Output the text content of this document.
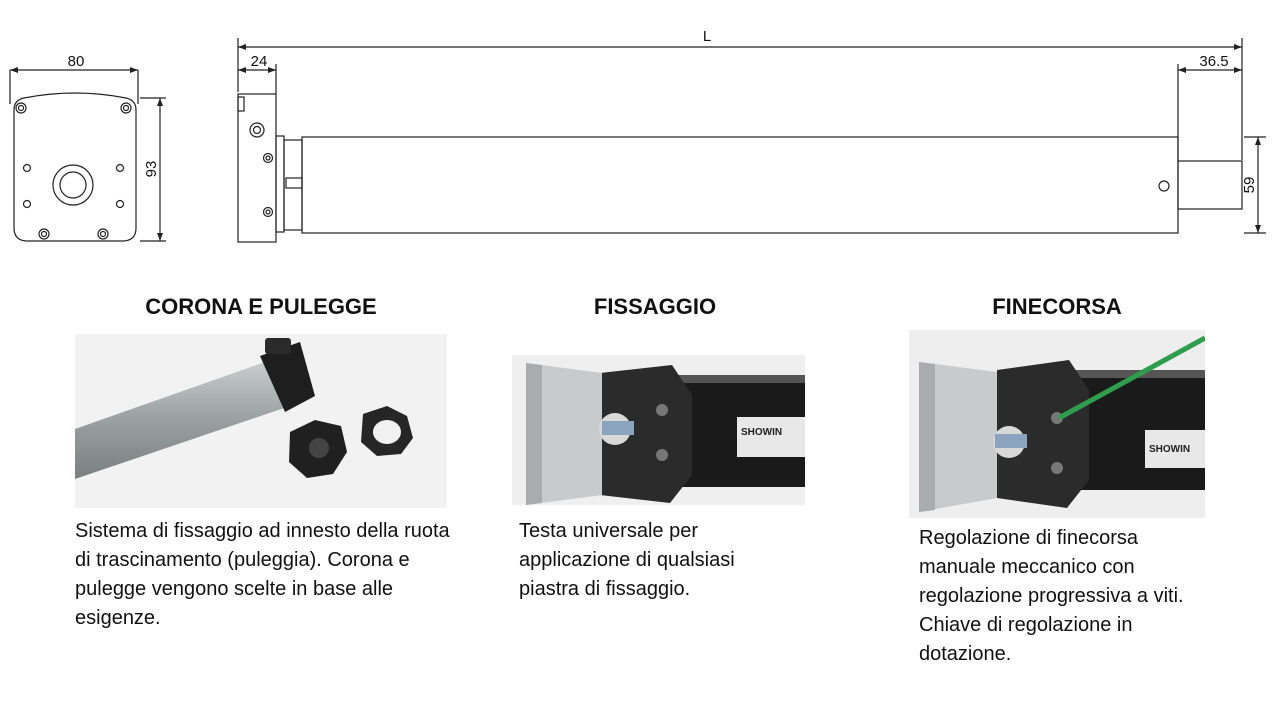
L
80
93
24	36.5
59
CORONA E PULEGGE
Sistema di fissaggio ad innesto della ruota di trascinamento (puleggia). Corona e pulegge vengono scelte in base alle esigenze.
FISSAGGIO
SHOWIN
Testa universale per applicazione di qualsiasi piastra di fissaggio.
FINECORSA
SHOWIN
Regolazione di finecorsa manuale meccanico con regolazione progressiva a viti. Chiave di regolazione in dotazione.
